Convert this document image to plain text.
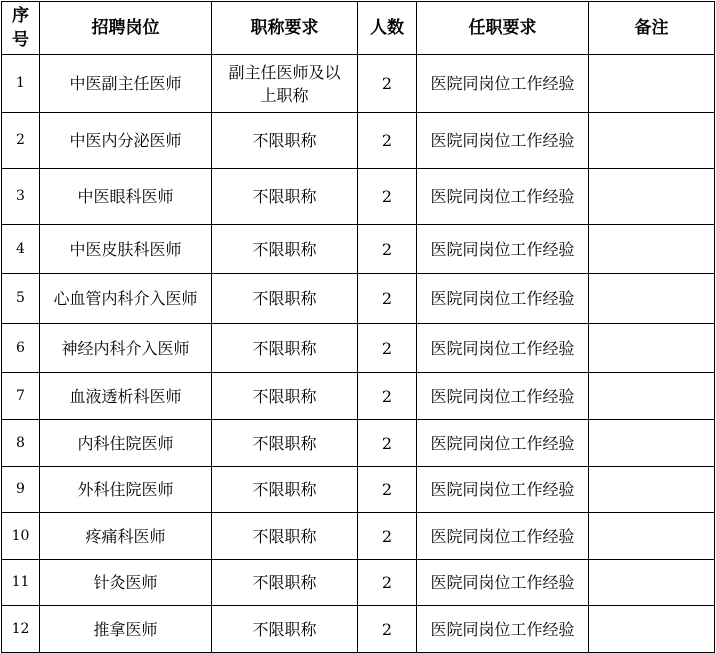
序号	招聘岗位	职称要求	人数	任职要求	备注
1	中医副主任医师	副主任医师及以上职称	2	医院同岗位工作经验	
2	中医内分泌医师	不限职称	2	医院同岗位工作经验	
3	中医眼科医师	不限职称	2	医院同岗位工作经验	
4	中医皮肤科医师	不限职称	2	医院同岗位工作经验	
5	心血管内科介入医师	不限职称	2	医院同岗位工作经验	
6	神经内科介入医师	不限职称	2	医院同岗位工作经验	
7	血液透析科医师	不限职称	2	医院同岗位工作经验	
8	内科住院医师	不限职称	2	医院同岗位工作经验	
9	外科住院医师	不限职称	2	医院同岗位工作经验	
10	疼痛科医师	不限职称	2	医院同岗位工作经验	
11	针灸医师	不限职称	2	医院同岗位工作经验	
12	推拿医师	不限职称	2	医院同岗位工作经验	
